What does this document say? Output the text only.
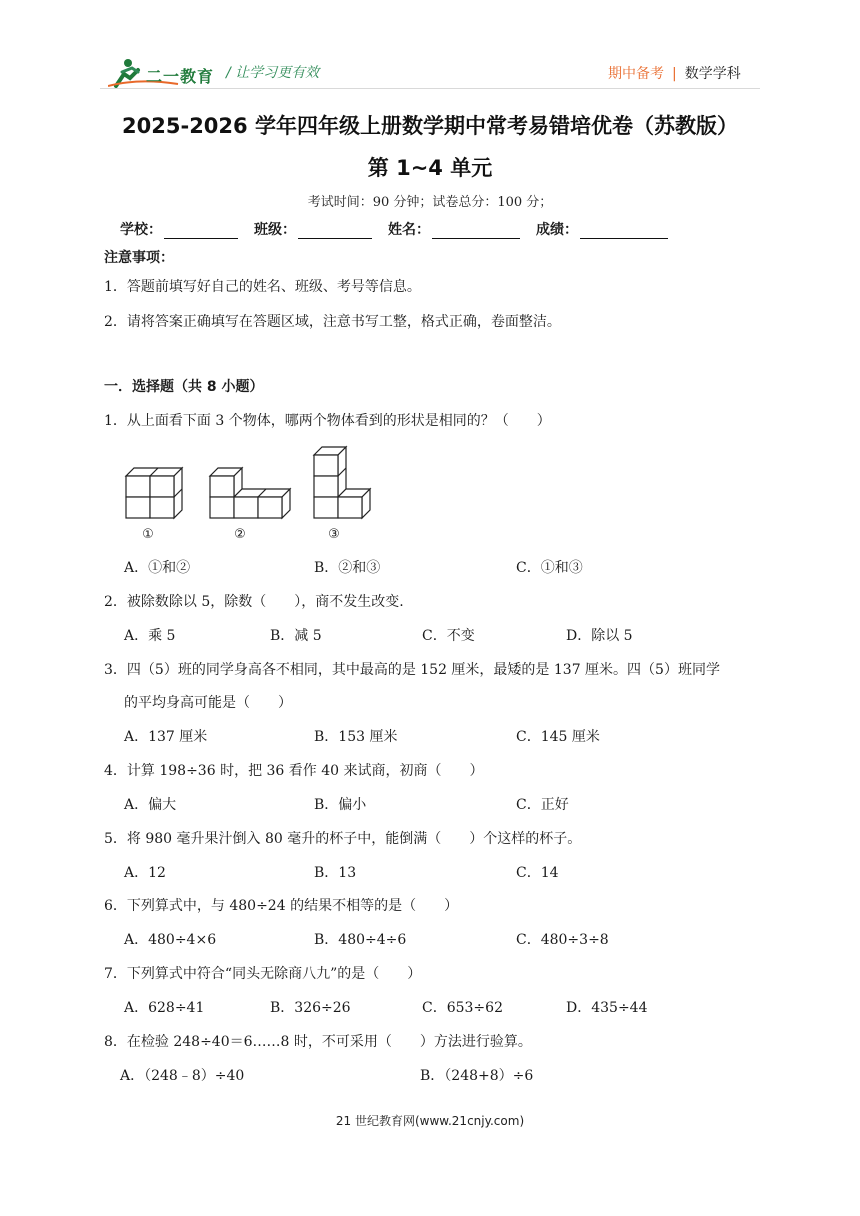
二一教育 / 让学习更有效	期中备考 | 数学学科
2025-2026 学年四年级上册数学期中常考易错培优卷（苏教版）
第 1~4 单元
考试时间：90 分钟；试卷总分：100 分；
学校：	班级：	姓名：	成绩：
注意事项：
1．答题前填写好自己的姓名、班级、考号等信息。
2．请将答案正确填写在答题区域，注意书写工整，格式正确，卷面整洁。
一．选择题（共 8 小题）
1．从上面看下面 3 个物体，哪两个物体看到的形状是相同的？（　　）
①	②	③
A．①和②	B．②和③	C．①和③
2．被除数除以 5，除数（　　），商不发生改变.
A．乘 5	B．减 5	C．不变	D．除以 5
3．四（5）班的同学身高各不相同，其中最高的是 152 厘米，最矮的是 137 厘米。四（5）班同学
的平均身高可能是（　　）
A．137 厘米	B．153 厘米	C．145 厘米
4．计算 198÷36 时，把 36 看作 40 来试商，初商（　　）
A．偏大	B．偏小	C．正好
5．将 980 毫升果汁倒入 80 毫升的杯子中，能倒满（　　）个这样的杯子。
A．12	B．13	C．14
6．下列算式中，与 480÷24 的结果不相等的是（　　）
A．480÷4×6	B．480÷4÷6	C．480÷3÷8
7．下列算式中符合“同头无除商八九”的是（　　）
A．628÷41	B．326÷26	C．653÷62	D．435÷44
8．在检验 248÷40＝6……8 时，不可采用（　　）方法进行验算。
A．（248﹣8）÷40	B．（248+8）÷6
21 世纪教育网(www.21cnjy.com)
